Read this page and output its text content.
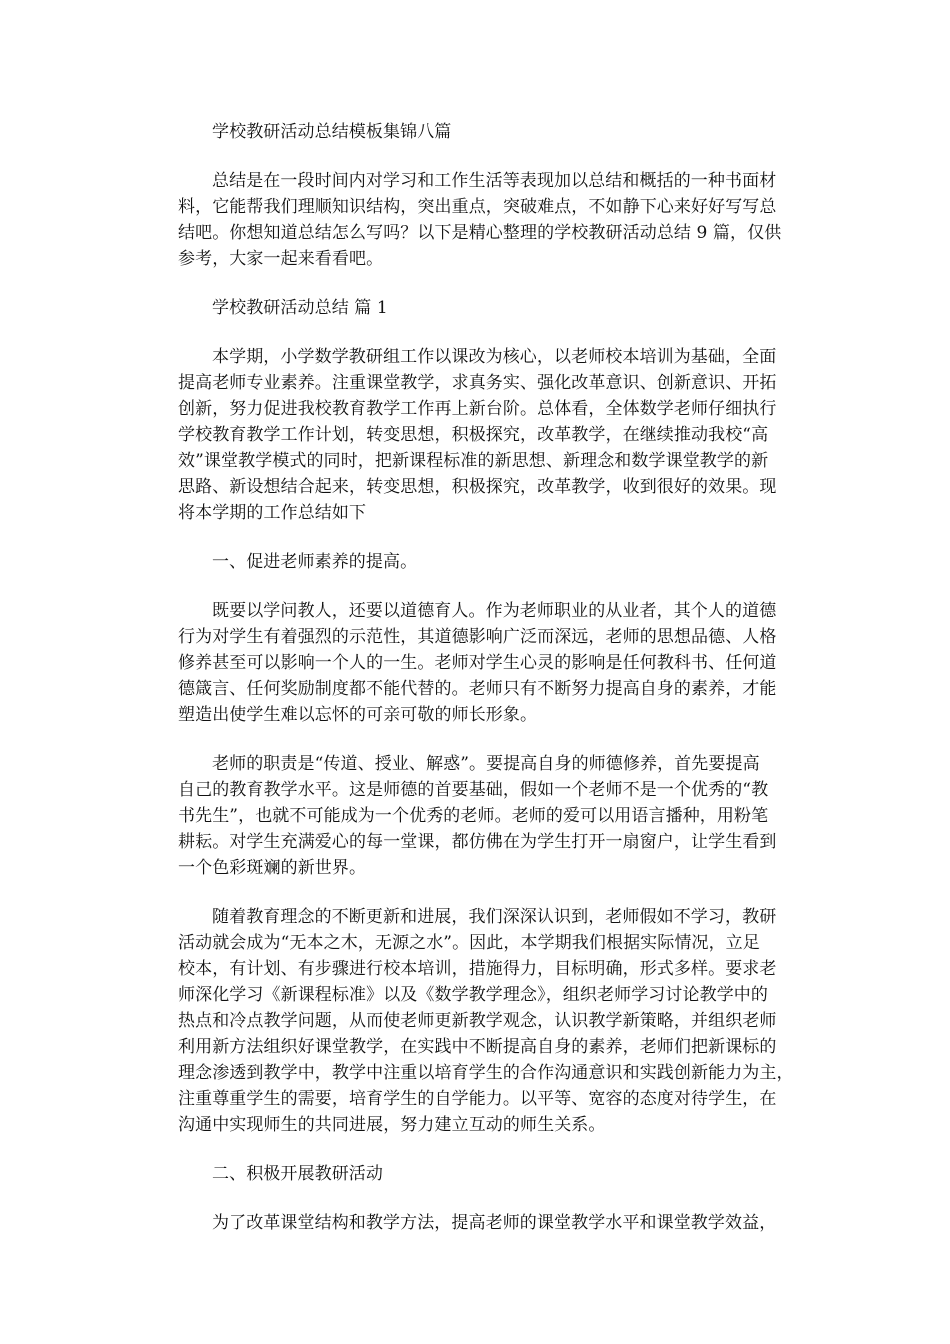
学校教研活动总结模板集锦八篇
总结是在一段时间内对学习和工作生活等表现加以总结和概括的一种书面材
料，它能帮我们理顺知识结构，突出重点，突破难点，不如静下心来好好写写总
结吧。你想知道总结怎么写吗？以下是精心整理的学校教研活动总结 9 篇，仅供
参考，大家一起来看看吧。
学校教研活动总结 篇 1
本学期，小学数学教研组工作以课改为核心，以老师校本培训为基础，全面
提高老师专业素养。注重课堂教学，求真务实、强化改革意识、创新意识、开拓
创新，努力促进我校教育教学工作再上新台阶。总体看，全体数学老师仔细执行
学校教育教学工作计划，转变思想，积极探究，改革教学，在继续推动我校“高
效”课堂教学模式的同时，把新课程标准的新思想、新理念和数学课堂教学的新
思路、新设想结合起来，转变思想，积极探究，改革教学，收到很好的效果。现
将本学期的工作总结如下
一、促进老师素养的提高。
既要以学问教人，还要以道德育人。作为老师职业的从业者，其个人的道德
行为对学生有着强烈的示范性，其道德影响广泛而深远，老师的思想品德、人格
修养甚至可以影响一个人的一生。老师对学生心灵的影响是任何教科书、任何道
德箴言、任何奖励制度都不能代替的。老师只有不断努力提高自身的素养，才能
塑造出使学生难以忘怀的可亲可敬的师长形象。
老师的职责是“传道、授业、解惑”。要提高自身的师德修养，首先要提高
自己的教育教学水平。这是师德的首要基础，假如一个老师不是一个优秀的“教
书先生”，也就不可能成为一个优秀的老师。老师的爱可以用语言播种，用粉笔
耕耘。对学生充满爱心的每一堂课，都仿佛在为学生打开一扇窗户，让学生看到
一个色彩斑斓的新世界。
随着教育理念的不断更新和进展，我们深深认识到，老师假如不学习，教研
活动就会成为“无本之木，无源之水”。因此，本学期我们根据实际情况，立足
校本，有计划、有步骤进行校本培训，措施得力，目标明确，形式多样。要求老
师深化学习《新课程标准》以及《数学教学理念》，组织老师学习讨论教学中的
热点和冷点教学问题，从而使老师更新教学观念，认识教学新策略，并组织老师
利用新方法组织好课堂教学，在实践中不断提高自身的素养，老师们把新课标的
理念渗透到教学中，教学中注重以培育学生的合作沟通意识和实践创新能力为主，
注重尊重学生的需要，培育学生的自学能力。以平等、宽容的态度对待学生，在
沟通中实现师生的共同进展，努力建立互动的师生关系。
二、积极开展教研活动
为了改革课堂结构和教学方法，提高老师的课堂教学水平和课堂教学效益，
